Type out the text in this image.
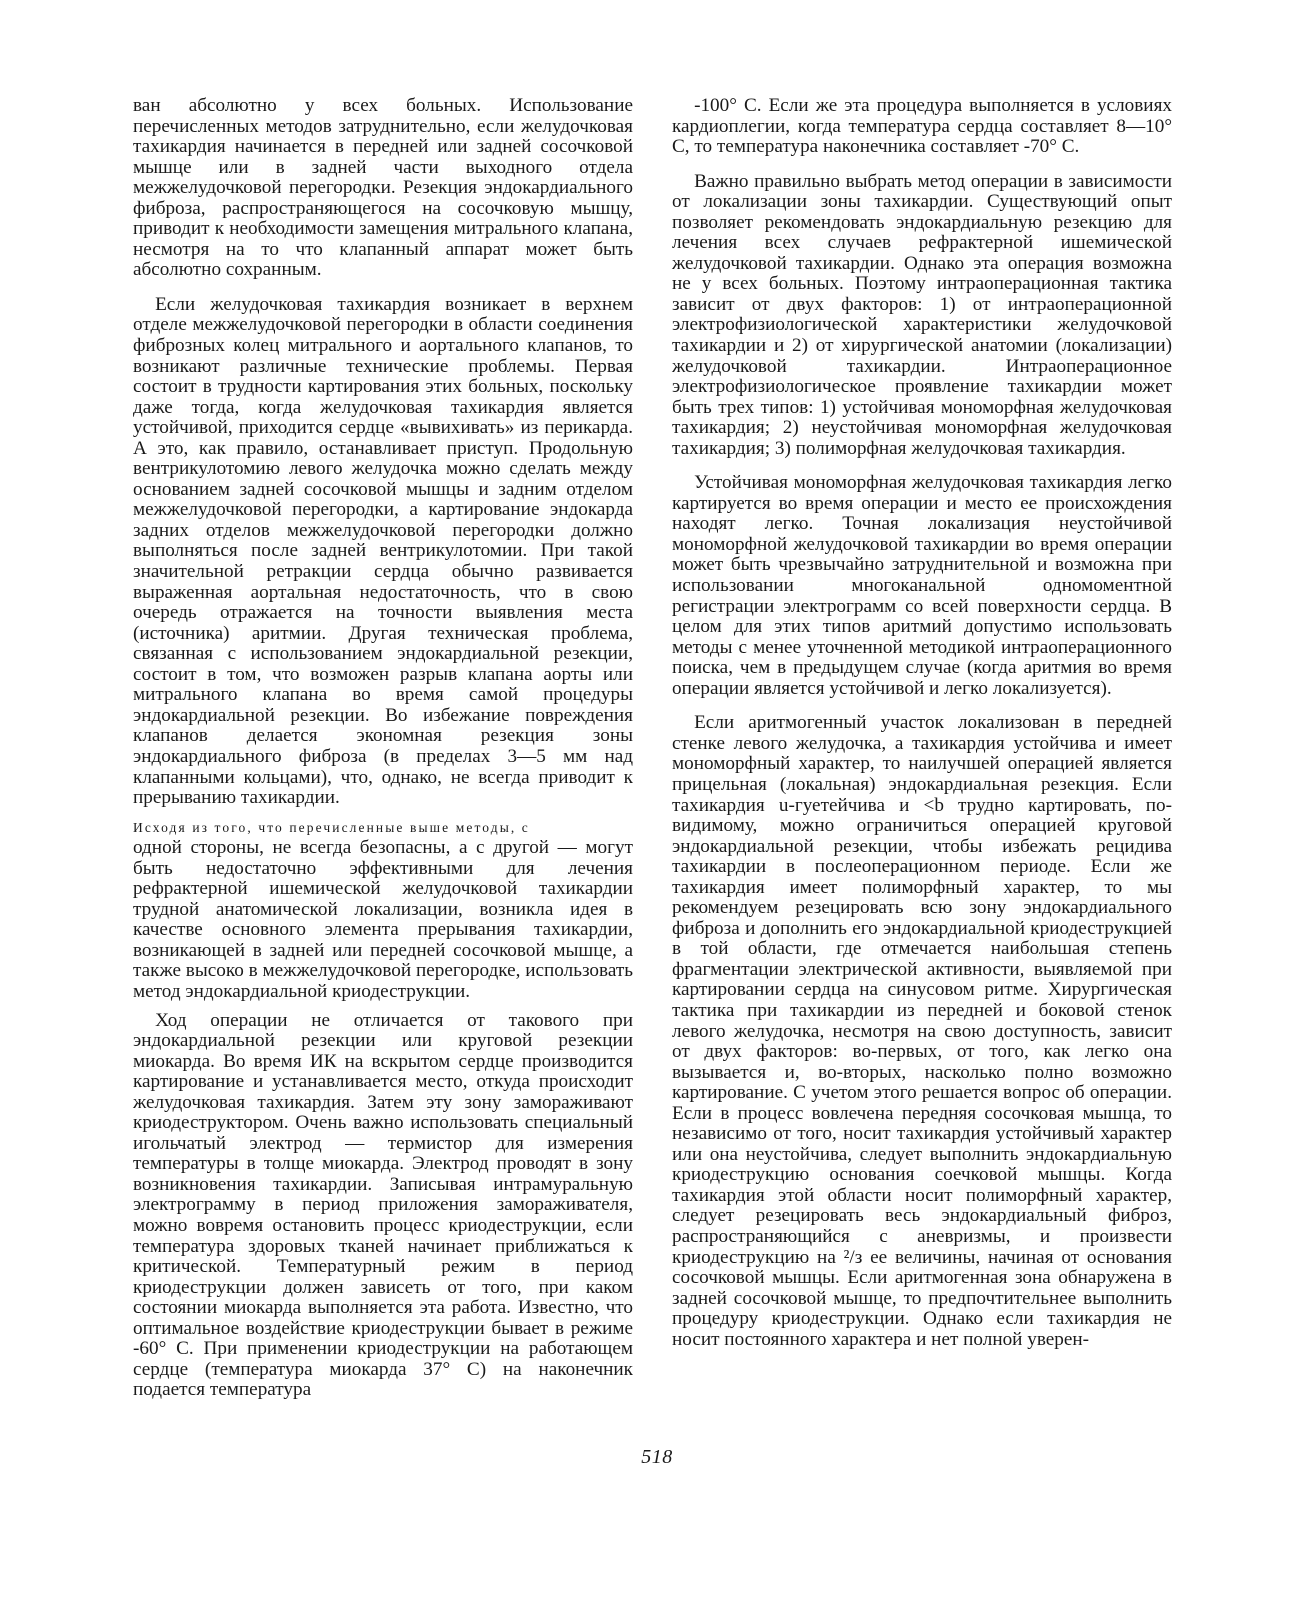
ван абсолютно у всех больных. Использование перечисленных методов затруднительно, если желудочковая тахикардия начинается в передней или задней сосочковой мышце или в задней части выходного отдела межжелудочковой перегородки. Резекция эндокардиального фиброза, распространяющегося на сосочковую мышцу, приводит к необходимости замещения митрального клапана, несмотря на то что клапанный аппарат может быть абсолютно сохранным.

Если желудочковая тахикардия возникает в верхнем отделе межжелудочковой перегородки в области соединения фиброзных колец митрального и аортального клапанов, то возникают различные технические проблемы. Первая состоит в трудности картирования этих больных, поскольку даже тогда, когда желудочковая тахикардия является устойчивой, приходится сердце «вывихивать» из перикарда. А это, как правило, останавливает приступ. Продольную вентрикулотомию левого желудочка можно сделать между основанием задней сосочковой мышцы и задним отделом межжелудочковой перегородки, а картирование эндокарда задних отделов межжелудочковой перегородки должно выполняться после задней вентрикулотомии. При такой значительной ретракции сердца обычно развивается выраженная аортальная недостаточность, что в свою очередь отражается на точности выявления места (источника) аритмии. Другая техническая проблема, связанная с использованием эндокардиальной резекции, состоит в том, что возможен разрыв клапана аорты или митрального клапана во время самой процедуры эндокардиальной резекции. Во избежание повреждения клапанов делается экономная резекция зоны эндокардиального фиброза (в пределах 3—5 мм над клапанными кольцами), что, однако, не всегда приводит к прерыванию тахикардии.

Исходя из того, что перечисленные выше методы, с

одной стороны, не всегда безопасны, а с другой — могут быть недостаточно эффективными для лечения рефрактерной ишемической желудочковой тахикардии трудной анатомической локализации, возникла идея в качестве основного элемента прерывания тахикардии, возникающей в задней или передней сосочковой мышце, а также высоко в межжелудочковой перегородке, использовать метод эндокардиальной криодеструкции.

Ход операции не отличается от такового при эндокардиальной резекции или круговой резекции миокарда. Во время ИК на вскрытом сердце производится картирование и устанавливается место, откуда происходит желудочковая тахикардия. Затем эту зону замораживают криодеструктором. Очень важно использовать специальный игольчатый электрод — термистор для измерения температуры в толще миокарда. Электрод проводят в зону возникновения тахикардии. Записывая интрамуральную электрограмму в период приложения замораживателя, можно вовремя остановить процесс криодеструкции, если температура здоровых тканей начинает приближаться к критической. Температурный режим в период криодеструкции должен зависеть от того, при каком состоянии миокарда выполняется эта работа. Известно, что оптимальное воздействие криодеструкции бывает в режиме -60° С. При применении криодеструкции на работающем сердце (температура миокарда 37° С) на наконечник подается температура

-100° С. Если же эта процедура выполняется в условиях кардиоплегии, когда температура сердца составляет 8—10° С, то температура наконечника составляет -70° С.

Важно правильно выбрать метод операции в зависимости от локализации зоны тахикардии. Существующий опыт позволяет рекомендовать эндокардиальную резекцию для лечения всех случаев рефрактерной ишемической желудочковой тахикардии. Однако эта операция возможна не у всех больных. Поэтому интраоперационная тактика зависит от двух факторов: 1) от интраоперационной электрофизиологической характеристики желудочковой тахикардии и 2) от хирургической анатомии (локализации) желудочковой тахикардии. Интраоперационное электрофизиологическое проявление тахикардии может быть трех типов: 1) устойчивая мономорфная желудочковая тахикардия; 2) неустойчивая мономорфная желудочковая тахикардия; 3) полиморфная желудочковая тахикардия.

Устойчивая мономорфная желудочковая тахикардия легко картируется во время операции и место ее происхождения находят легко. Точная локализация неустойчивой мономорфной желудочковой тахикардии во время операции может быть чрезвычайно затруднительной и возможна при использовании многоканальной одномоментной регистрации электрограмм со всей поверхности сердца. В целом для этих типов аритмий допустимо использовать методы с менее уточненной методикой интраоперационного поиска, чем в предыдущем случае (когда аритмия во время операции является устойчивой и легко локализуется).

Если аритмогенный участок локализован в передней стенке левого желудочка, а тахикардия устойчива и имеет мономорфный характер, то наилучшей операцией является прицельная (локальная) эндокардиальная резекция. Если тахикардия u-гуетейчива и <b трудно картировать, по-видимому, можно ограничиться операцией круговой эндокардиальной резекции, чтобы избежать рецидива тахикардии в послеоперационном периоде. Если же тахикардия имеет полиморфный характер, то мы рекомендуем резецировать всю зону эндокардиального фиброза и дополнить его эндокардиальной криодеструкцией в той области, где отмечается наибольшая степень фрагментации электрической активности, выявляемой при картировании сердца на синусовом ритме. Хирургическая тактика при тахикардии из передней и боковой стенок левого желудочка, несмотря на свою доступность, зависит от двух факторов: во-первых, от того, как легко она вызывается и, во-вторых, насколько полно возможно картирование. С учетом этого решается вопрос об операции. Если в процесс вовлечена передняя сосочковая мышца, то независимо от того, носит тахикардия устойчивый характер или она неустойчива, следует выполнить эндокардиальную криодеструкцию основания соечковой мышцы. Когда тахикардия этой области носит полиморфный характер, следует резецировать весь эндокардиальный фиброз, распространяющийся с аневризмы, и произвести криодеструкцию на ²/з ее величины, начиная от основания сосочковой мышцы. Если аритмогенная зона обнаружена в задней сосочковой мышце, то предпочтительнее выполнить процедуру криодеструкции. Однако если тахикардия не носит постоянного характера и нет полной уверен-

518
